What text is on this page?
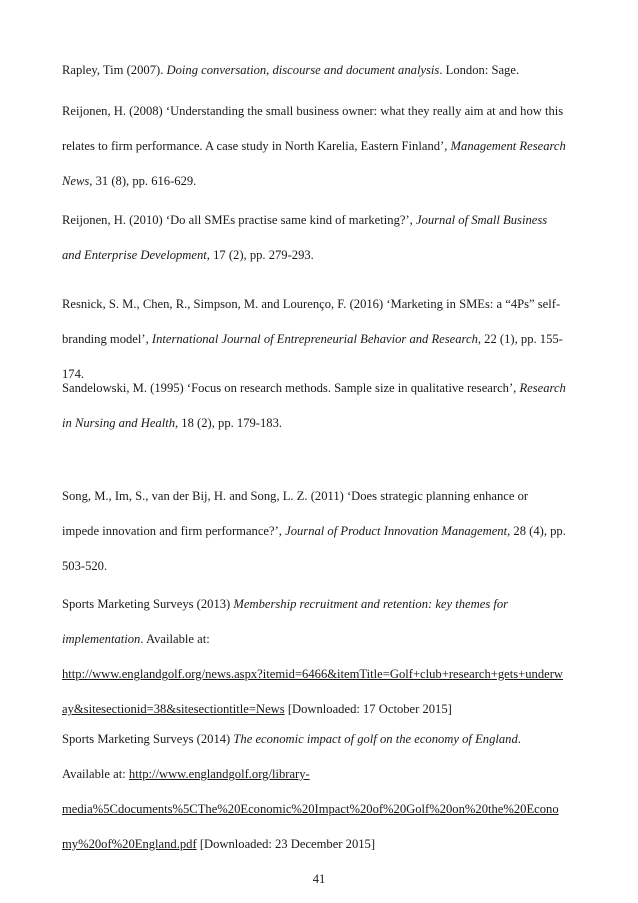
Rapley, Tim (2007). Doing conversation, discourse and document analysis. London: Sage.
Reijonen, H. (2008) ‘Understanding the small business owner: what they really aim at and how this
relates to firm performance. A case study in North Karelia, Eastern Finland’, Management Research
News, 31 (8), pp. 616-629.
Reijonen, H. (2010) ‘Do all SMEs practise same kind of marketing?’, Journal of Small Business
and Enterprise Development, 17 (2), pp. 279-293.
Resnick, S. M., Chen, R., Simpson, M. and Lourenço, F. (2016) ‘Marketing in SMEs: a “4Ps” self-
branding model’, International Journal of Entrepreneurial Behavior and Research, 22 (1), pp. 155-
174.
Sandelowski, M. (1995) ‘Focus on research methods. Sample size in qualitative research’, Research
in Nursing and Health, 18 (2), pp. 179-183.
Song, M., Im, S., van der Bij, H. and Song, L. Z. (2011) ‘Does strategic planning enhance or
impede innovation and firm performance?’, Journal of Product Innovation Management, 28 (4), pp.
503-520.
Sports Marketing Surveys (2013) Membership recruitment and retention: key themes for
implementation. Available at:
http://www.englandgolf.org/news.aspx?itemid=6466&itemTitle=Golf+club+research+gets+underw
ay&sitesectionid=38&sitesectiontitle=News [Downloaded: 17 October 2015]
Sports Marketing Surveys (2014) The economic impact of golf on the economy of England.
Available at: http://www.englandgolf.org/library-
media%5Cdocuments%5CThe%20Economic%20Impact%20of%20Golf%20on%20the%20Econo
my%20of%20England.pdf [Downloaded: 23 December 2015]
41
